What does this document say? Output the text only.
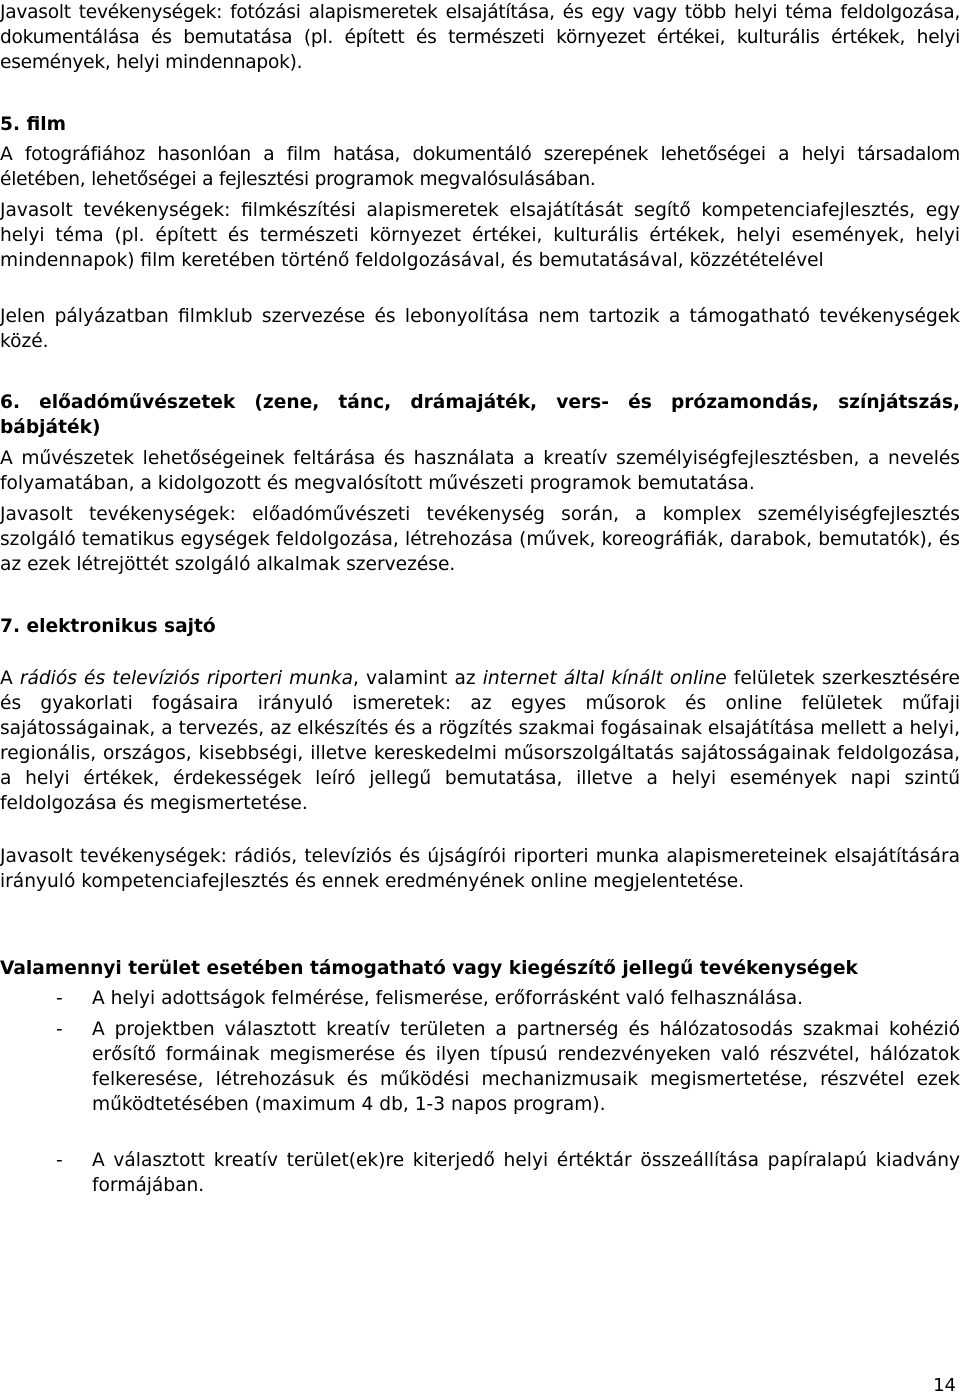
Javasolt tevékenységek: fotózási alapismeretek elsajátítása, és egy vagy több helyi téma feldolgozása, dokumentálása és bemutatása (pl. épített és természeti környezet értékei, kulturális értékek, helyi események, helyi mindennapok).

5. film

A fotográfiához hasonlóan a film hatása, dokumentáló szerepének lehetőségei a helyi társadalom életében, lehetőségei a fejlesztési programok megvalósulásában.

Javasolt tevékenységek: filmkészítési alapismeretek elsajátítását segítő kompetenciafejlesztés, egy helyi téma (pl. épített és természeti környezet értékei, kulturális értékek, helyi események, helyi mindennapok) film keretében történő feldolgozásával, és bemutatásával, közzétételével

Jelen pályázatban filmklub szervezése és lebonyolítása nem tartozik a támogatható tevékenységek közé.

6. előadóművészetek (zene, tánc, drámajáték, vers- és prózamondás, színjátszás, bábjáték)

A művészetek lehetőségeinek feltárása és használata a kreatív személyiségfejlesztésben, a nevelés folyamatában, a kidolgozott és megvalósított művészeti programok bemutatása.

Javasolt tevékenységek: előadóművészeti tevékenység során, a komplex személyiségfejlesztés szolgáló tematikus egységek feldolgozása, létrehozása (művek, koreográfiák, darabok, bemutatók), és az ezek létrejöttét szolgáló alkalmak szervezése.

7. elektronikus sajtó

A rádiós és televíziós riporteri munka, valamint az internet által kínált online felületek szerkesztésére és gyakorlati fogásaira irányuló ismeretek: az egyes műsorok és online felületek műfaji sajátosságainak, a tervezés, az elkészítés és a rögzítés szakmai fogásainak elsajátítása mellett a helyi, regionális, országos, kisebbségi, illetve kereskedelmi műsorszolgáltatás sajátosságainak feldolgozása, a helyi értékek, érdekességek leíró jellegű bemutatása, illetve a helyi események napi szintű feldolgozása és megismertetése.

Javasolt tevékenységek: rádiós, televíziós és újságírói riporteri munka alapismereteinek elsajátítására irányuló kompetenciafejlesztés és ennek eredményének online megjelentetése.

Valamennyi terület esetében támogatható vagy kiegészítő jellegű tevékenységek

- A helyi adottságok felmérése, felismerése, erőforrásként való felhasználása.
- A projektben választott kreatív területen a partnerség és hálózatosodás szakmai kohézió erősítő formáinak megismerése és ilyen típusú rendezvényeken való részvétel, hálózatok felkeresése, létrehozásuk és működési mechanizmusaik megismertetése, részvétel ezek működtetésében (maximum 4 db, 1-3 napos program).
- A választott kreatív terület(ek)re kiterjedő helyi értéktár összeállítása papíralapú kiadvány formájában.
14
